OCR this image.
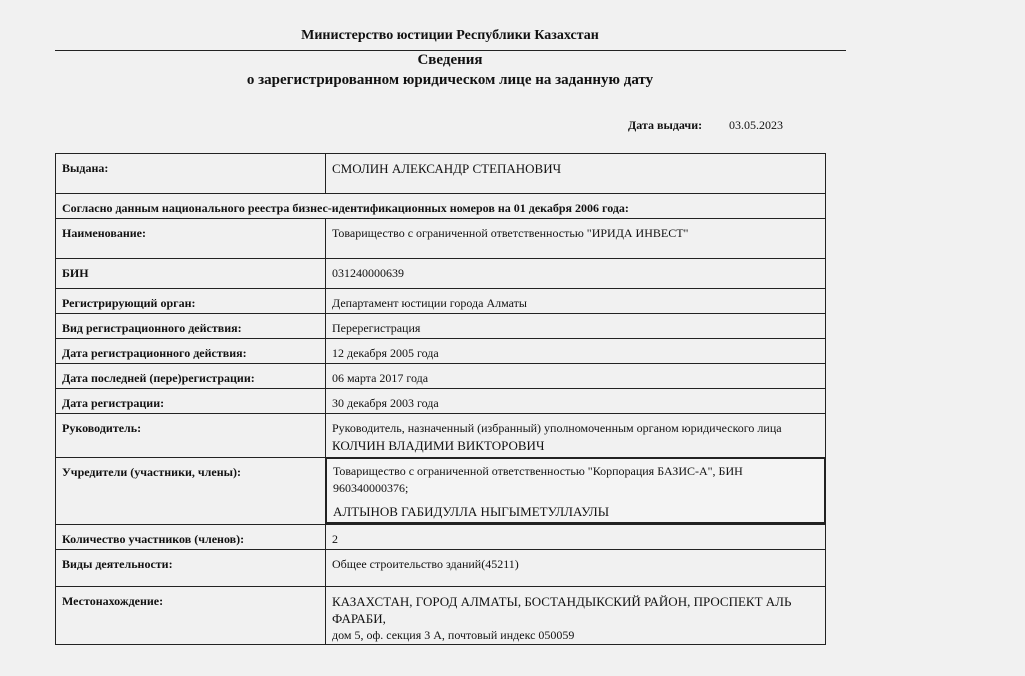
Министерство юстиции Республики Казахстан
Сведения
о зарегистрированном юридическом лице на заданную дату
Дата выдачи: 03.05.2023
Выдана:	СМОЛИН АЛЕКСАНДР СТЕПАНОВИЧ
Согласно данным национального реестра бизнес-идентификационных номеров на 01 декабря 2006 года:	
Наименование:	Товарищество с ограниченной ответственностью "ИРИДА ИНВЕСТ"
БИН	031240000639
Регистрирующий орган:	Департамент юстиции города Алматы
Вид регистрационного действия:	Перерегистрация
Дата регистрационного действия:	12 декабря 2005 года
Дата последней (пере)регистрации:	06 марта 2017 года
Дата регистрации:	30 декабря 2003 года
Руководитель:	Руководитель, назначенный (избранный) уполномоченным органом юридического лица
КОЛЧИН ВЛАДИМИ ВИКТОРОВИЧ

Учредители (участники, члены):	Товарищество с ограниченной ответственностью "Корпорация БАЗИС-А", БИН 960340000376;
АЛТЫНОВ ГАБИДУЛЛА НЫГЫМЕТУЛЛАУЛЫ

Количество участников (членов):	2
Виды деятельности:	Общее строительство зданий(45211)
Местонахождение:	КАЗАХСТАН, ГОРОД АЛМАТЫ, БОСТАНДЫКСКИЙ РАЙОН, ПРОСПЕКТ АЛЬ ФАРАБИ,
дом 5, оф. секция 3 А, почтовый индекс 050059
